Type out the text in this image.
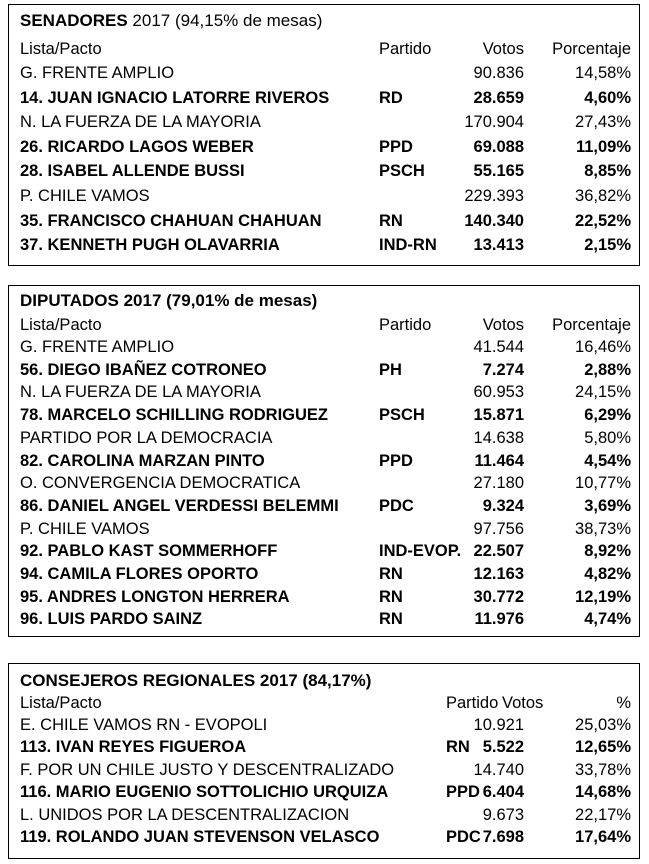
SENADORES 2017 (94,15% de mesas)
Lista/Pacto	Partido	Votos Porcentaje
G. FRENTE AMPLIO	90.836	14,58%
14. JUAN IGNACIO LATORRE RIVEROS	RD	28.659	4,60%
N. LA FUERZA DE LA MAYORIA	170.904	27,43%
26. RICARDO LAGOS WEBER	PPD	69.088	11,09%
28. ISABEL ALLENDE BUSSI	PSCH	55.165	8,85%
P. CHILE VAMOS	229.393	36,82%
35. FRANCISCO CHAHUAN CHAHUAN	RN	140.340	22,52%
37. KENNETH PUGH OLAVARRIA	IND-RN 13.413	2,15%
DIPUTADOS 2017 (79,01% de mesas)
Lista/Pacto	Partido	Votos Porcentaje
G. FRENTE AMPLIO	41.544	16,46%
56. DIEGO IBAÑEZ COTRONEO	PH	7.274	2,88%
N. LA FUERZA DE LA MAYORIA	60.953	24,15%
78. MARCELO SCHILLING RODRIGUEZ	PSCH	15.871	6,29%
PARTIDO POR LA DEMOCRACIA	14.638	5,80%
82. CAROLINA MARZAN PINTO	PPD	11.464	4,54%
O. CONVERGENCIA DEMOCRATICA	27.180	10,77%
86. DANIEL ANGEL VERDESSI BELEMMI PDC	9.324	3,69%
P. CHILE VAMOS	97.756	38,73%
92. PABLO KAST SOMMERHOFF	IND-EVOP. 22.507	8,92%
94. CAMILA FLORES OPORTO	RN	12.163	4,82%
95. ANDRES LONGTON HERRERA	RN	30.772	12,19%
96. LUIS PARDO SAINZ	RN	11.976	4,74%
CONSEJEROS REGIONALES 2017 (84,17%)
Lista/Pacto	Partido Votos	%
E. CHILE VAMOS RN - EVOPOLI	10.921	25,03%
113. IVAN REYES FIGUEROA	RN 5.522	12,65%
F. POR UN CHILE JUSTO Y DESCENTRALIZADO	14.740	33,78%
116. MARIO EUGENIO SOTTOLICHIO URQUIZA	PPD 6.404	14,68%
L. UNIDOS POR LA DESCENTRALIZACION	9.673	22,17%
119. ROLANDO JUAN STEVENSON VELASCO	PDC 7.698	17,64%
